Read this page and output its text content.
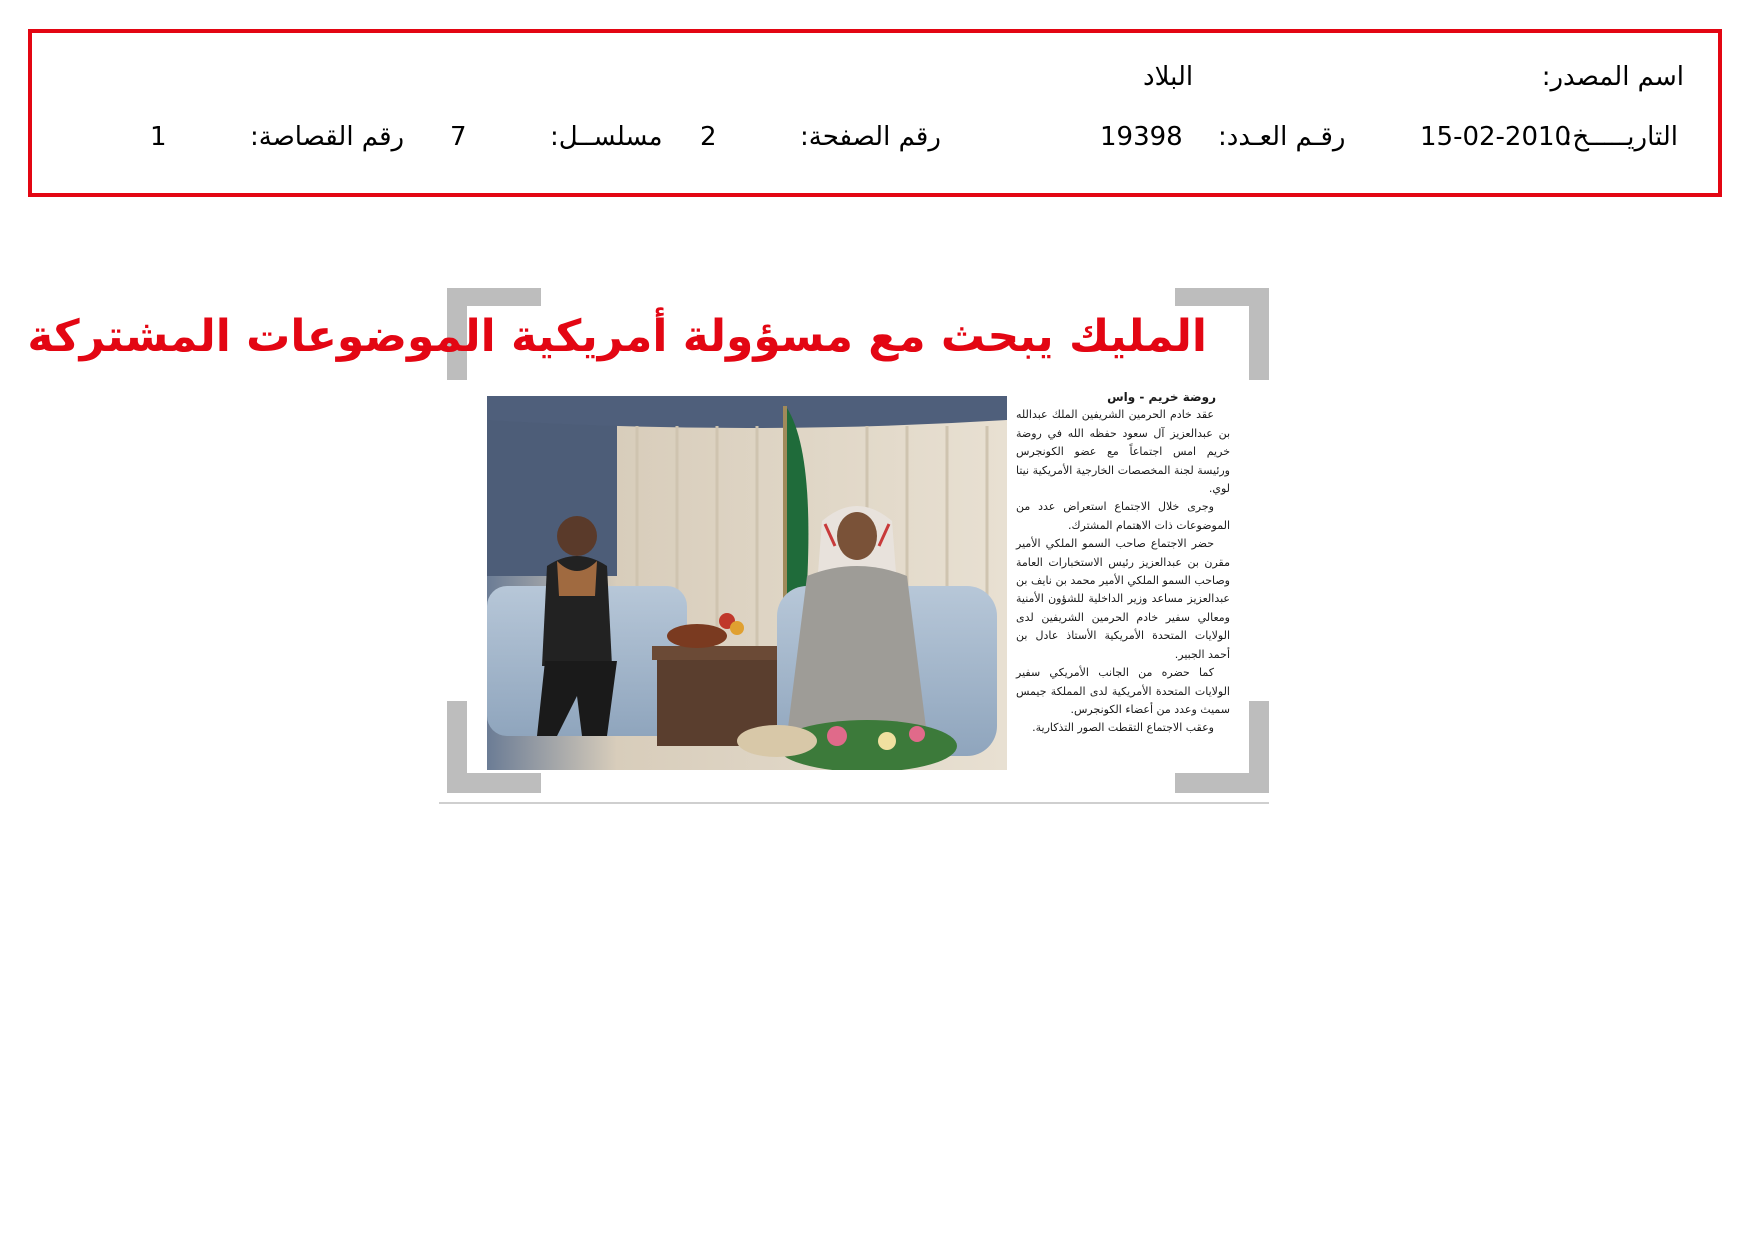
اسم المصدر:
البلاد
التاريـــــخ:
15-02-2010
رقـم العـدد:
19398
رقم الصفحة:
2
مسلســل:
7
رقم القصاصة:
1
المليك يبحث مع مسؤولة أمريكية الموضوعات المشتركة
روضة خريم - واس

عقد خادم الحرمين الشريفين الملك عبدالله بن عبدالعزيز آل سعود حفظه الله في روضة خريم امس اجتماعاً مع عضو الكونجرس ورئيسة لجنة المخصصات الخارجية الأمريكية نيتا لوي.

وجرى خلال الاجتماع استعراض عدد من الموضوعات ذات الاهتمام المشترك.

حضر الاجتماع صاحب السمو الملكي الأمير مقرن بن عبدالعزيز رئيس الاستخبارات العامة وصاحب السمو الملكي الأمير محمد بن نايف بن عبدالعزيز مساعد وزير الداخلية للشؤون الأمنية ومعالي سفير خادم الحرمين الشريفين لدى الولايات المتحدة الأمريكية الأستاذ عادل بن أحمد الجبير.

كما حضره من الجانب الأمريكي سفير الولايات المتحدة الأمريكية لدى المملكة جيمس سميث وعدد من أعضاء الكونجرس.

وعقب الاجتماع التقطت الصور التذكارية.
